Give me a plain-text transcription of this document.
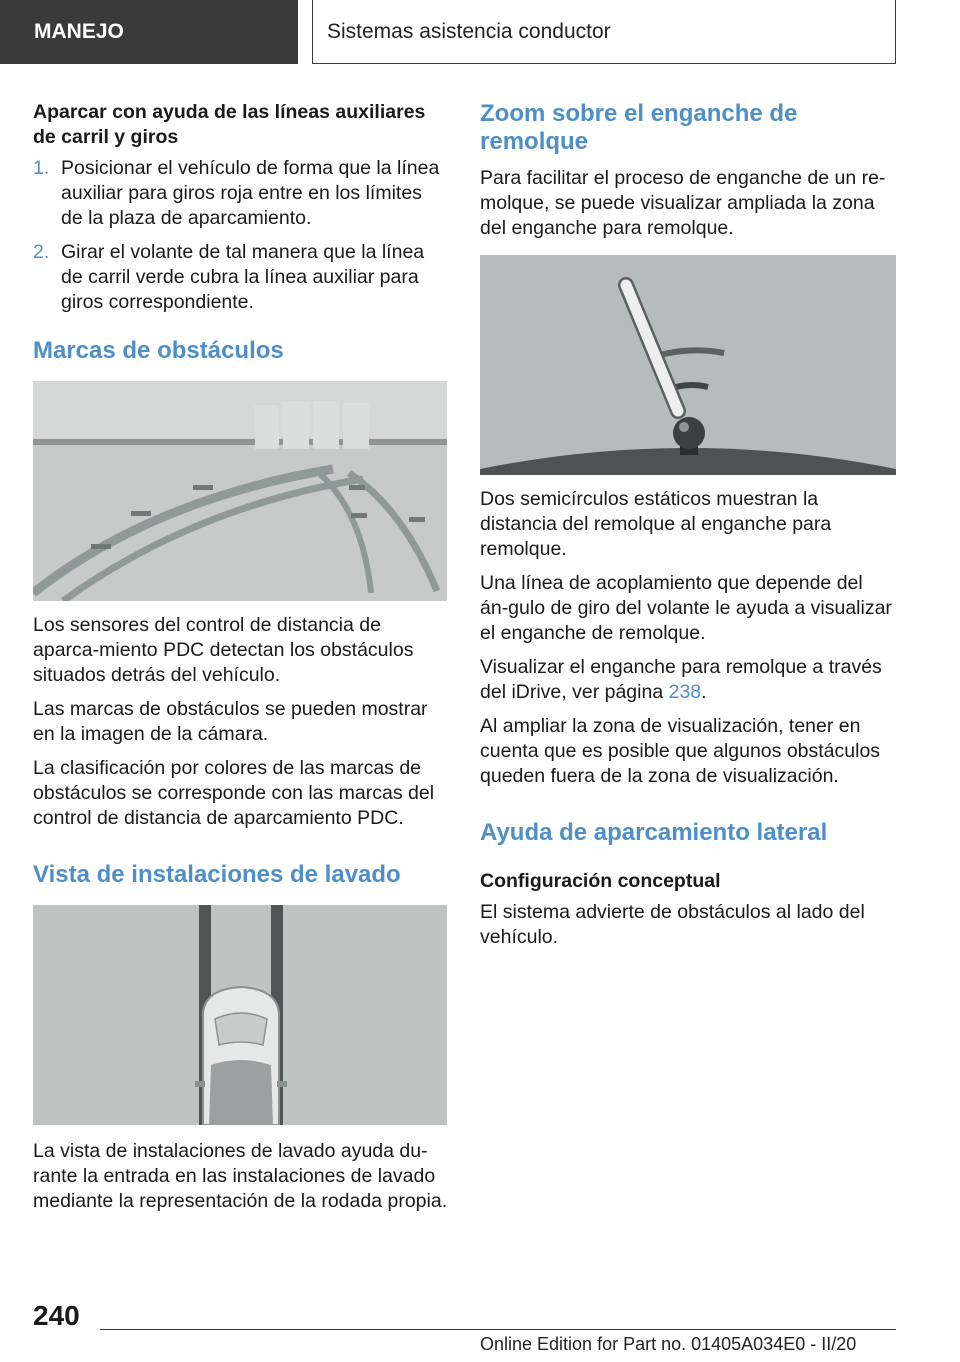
MANEJO	Sistemas asistencia conductor
Aparcar con ayuda de las líneas auxiliares de carril y giros
1. Posicionar el vehículo de forma que la línea auxiliar para giros roja entre en los límites de la plaza de aparcamiento.
2. Girar el volante de tal manera que la línea de carril verde cubra la línea auxiliar para giros correspondiente.
Marcas de obstáculos

Los sensores del control de distancia de aparca-miento PDC detectan los obstáculos situados detrás del vehículo.

Las marcas de obstáculos se pueden mostrar en la imagen de la cámara.

La clasificación por colores de las marcas de obstáculos se corresponde con las marcas del control de distancia de aparcamiento PDC.

Vista de instalaciones de lavado

La vista de instalaciones de lavado ayuda du-rante la entrada en las instalaciones de lavado mediante la representación de la rodada propia.

Zoom sobre el enganche de remolque

Para facilitar el proceso de enganche de un re-molque, se puede visualizar ampliada la zona del enganche para remolque.

Dos semicírculos estáticos muestran la distancia del remolque al enganche para remolque.

Una línea de acoplamiento que depende del án-gulo de giro del volante le ayuda a visualizar el enganche de remolque.

Visualizar el enganche para remolque a través del iDrive, ver página 238.

Al ampliar la zona de visualización, tener en cuenta que es posible que algunos obstáculos queden fuera de la zona de visualización.

Ayuda de aparcamiento lateral
Configuración conceptual

El sistema advierte de obstáculos al lado del vehículo.

240
Online Edition for Part no. 01405A034E0 - II/20
